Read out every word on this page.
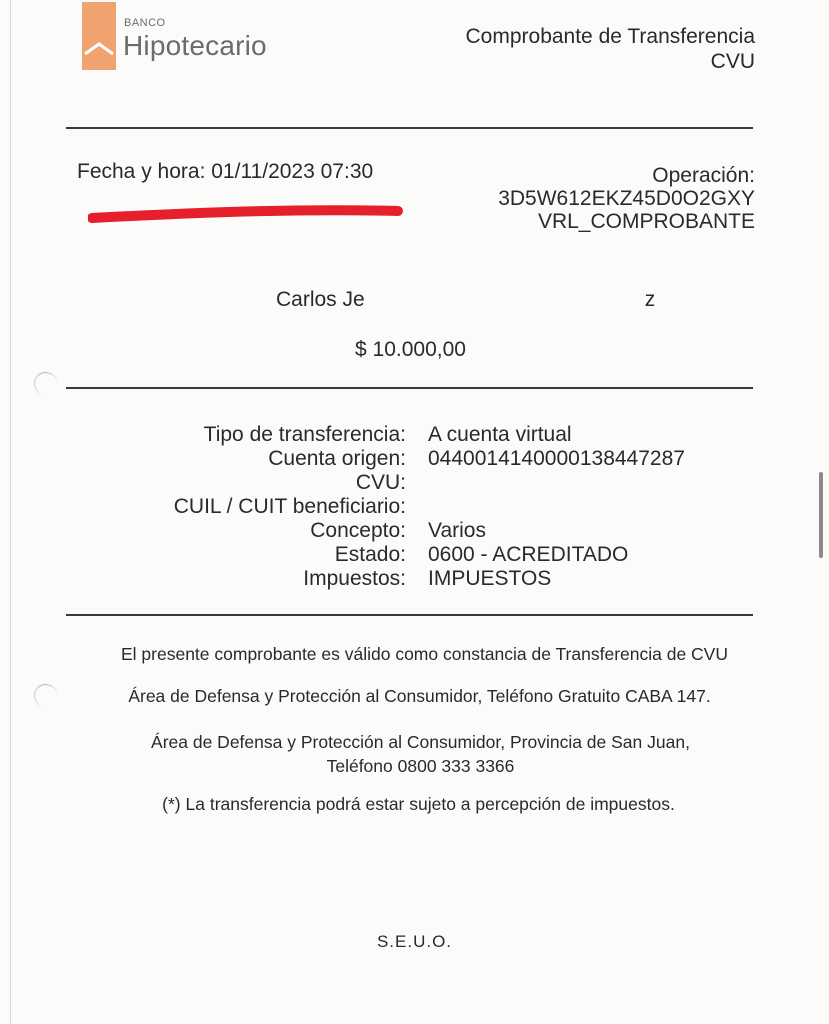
BANCO
Hipotecario	Comprobante de Transferencia
CVU
Fecha y hora: 01/11/2023 07:30	Operación:
3D5W612EKZ45D0O2GXY
VRL_COMPROBANTE
Carlos Je	z
$ 10.000,00
Tipo de transferencia:	A cuenta virtual
Cuenta origen:	0440014140000138447287
CVU:
CUIL / CUIT beneficiario:
Concepto:	Varios
Estado:	0600 - ACREDITADO
Impuestos:	IMPUESTOS
El presente comprobante es válido como constancia de Transferencia de CVU
Área de Defensa y Protección al Consumidor, Teléfono Gratuito CABA 147.
Área de Defensa y Protección al Consumidor, Provincia de San Juan,
Teléfono 0800 333 3366
(*) La transferencia podrá estar sujeto a percepción de impuestos.
S.E.U.O.
